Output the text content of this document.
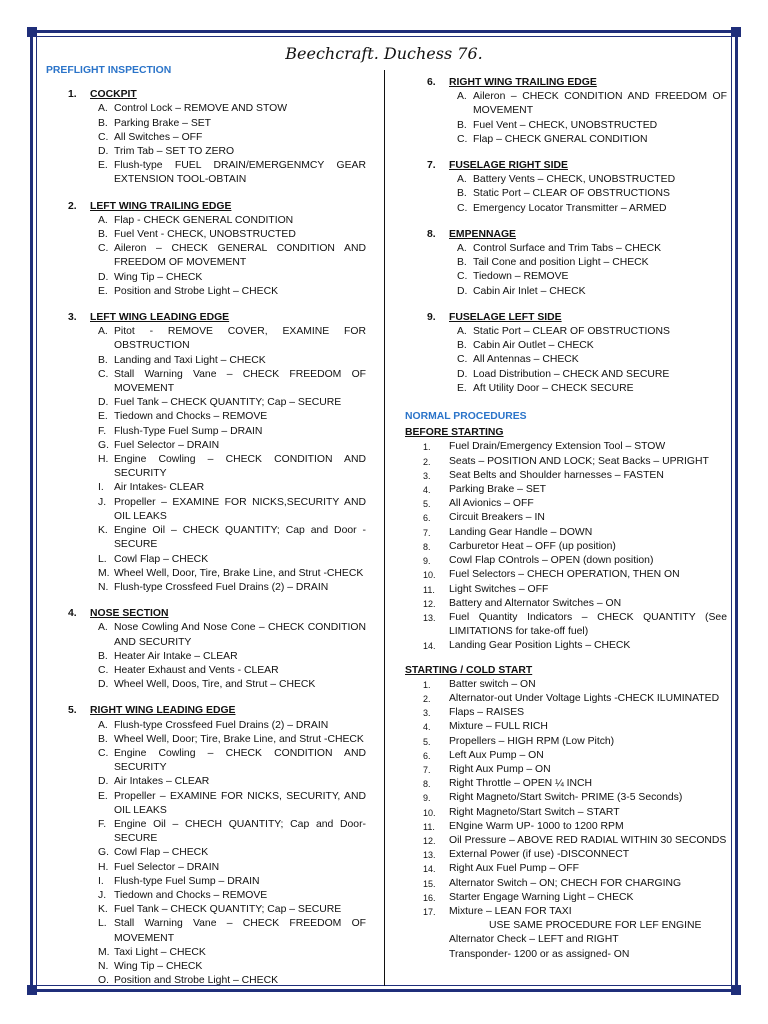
Beechcraft. Duchess 76.
PREFLIGHT INSPECTION
1.	COCKPIT
A. Control Lock – REMOVE AND STOW
B. Parking Brake – SET
C. All Switches – OFF
D. Trim Tab – SET TO ZERO
E. Flush-type FUEL DRAIN/EMERGENMCY GEAR EXTENSION TOOL-OBTAIN
2.	LEFT WING TRAILING EDGE
A. Flap - CHECK GENERAL CONDITION
B. Fuel Vent - CHECK, UNOBSTRUCTED
C. Aileron – CHECK GENERAL CONDITION AND FREEDOM OF MOVEMENT
D. Wing Tip – CHECK
E. Position and Strobe Light – CHECK
3.	LEFT WING LEADING EDGE
A. Pitot - REMOVE COVER, EXAMINE FOR OBSTRUCTION
B. Landing and Taxi Light – CHECK
C. Stall Warning Vane – CHECK FREEDOM OF MOVEMENT
D. Fuel Tank – CHECK QUANTITY; Cap – SECURE
E. Tiedown and Chocks – REMOVE
F. Flush-Type Fuel Sump – DRAIN
G. Fuel Selector – DRAIN
H. Engine Cowling – CHECK CONDITION AND SECURITY
I. Air Intakes- CLEAR
J. Propeller – EXAMINE FOR NICKS,SECURITY AND OIL LEAKS
K. Engine Oil – CHECK QUANTITY; Cap and Door - SECURE
L. Cowl Flap – CHECK
M. Wheel Well, Door, Tire, Brake Line, and Strut -CHECK
N. Flush-type Crossfeed Fuel Drains (2) – DRAIN
4.	NOSE SECTION
A. Nose Cowling And Nose Cone – CHECK CONDITION AND SECURITY
B. Heater Air Intake – CLEAR
C. Heater Exhaust and Vents - CLEAR
D. Wheel Well, Doos, Tire, and Strut – CHECK
5.	RIGHT WING LEADING EDGE
A. Flush-type Crossfeed Fuel Drains (2) – DRAIN
B. Wheel Well, Door; Tire, Brake Line, and Strut -CHECK
C. Engine Cowling – CHECK CONDITION AND SECURITY
D. Air Intakes – CLEAR
E. Propeller – EXAMINE FOR NICKS, SECURITY, AND OIL LEAKS
F. Engine Oil – CHECH QUANTITY; Cap and Door-SECURE
G. Cowl Flap – CHECK
H. Fuel Selector – DRAIN
I. Flush-type Fuel Sump – DRAIN
J. Tiedown and Chocks – REMOVE
K. Fuel Tank – CHECK QUANTITY; Cap – SECURE
L. Stall Warning Vane – CHECK FREEDOM OF MOVEMENT
M. Taxi Light – CHECK
N. Wing Tip – CHECK
O. Position and Strobe Light – CHECK
6.	RIGHT WING TRAILING EDGE
A. Aileron – CHECK CONDITION AND FREEDOM OF MOVEMENT
B. Fuel Vent – CHECK, UNOBSTRUCTED
C. Flap – CHECK GNERAL CONDITION
7.	FUSELAGE RIGHT SIDE
A. Battery Vents – CHECK, UNOBSTRUCTED
B. Static Port – CLEAR OF OBSTRUCTIONS
C. Emergency Locator Transmitter – ARMED
8.	EMPENNAGE
A. Control Surface and Trim Tabs – CHECK
B. Tail Cone and position Light – CHECK
C. Tiedown – REMOVE
D. Cabin Air Inlet – CHECK
9.	FUSELAGE LEFT SIDE
A. Static Port – CLEAR OF OBSTRUCTIONS
B. Cabin Air Outlet – CHECK
C. All Antennas – CHECK
D. Load Distribution – CHECK AND SECURE
E. Aft Utility Door – CHECK SECURE
NORMAL PROCEDURES
BEFORE STARTING
1.	Fuel Drain/Emergency Extension Tool – STOW
2.	Seats – POSITION AND LOCK; Seat Backs – UPRIGHT
3.	Seat Belts and Shoulder harnesses – FASTEN
4.	Parking Brake – SET
5.	All Avionics – OFF
6.	Circuit Breakers – IN
7.	Landing Gear Handle – DOWN
8.	Carburetor Heat – OFF (up position)
9.	Cowl Flap COntrols – OPEN (down position)
10.	Fuel Selectors – CHECH OPERATION, THEN ON
11.	Light Switches – OFF
12.	Battery and Alternator Switches – ON
13.	Fuel Quantity Indicators – CHECK QUANTITY (See LIMITATIONS for take-off fuel)
14.	Landing Gear Position Lights – CHECK
STARTING / COLD START
1.	Batter switch – ON
2.	Alternator-out Under Voltage Lights -CHECK ILUMINATED
3.	Flaps – RAISES
4.	Mixture – FULL RICH
5.	Propellers – HIGH RPM (Low Pitch)
6.	Left Aux Pump – ON
7.	Right Aux Pump – ON
8.	Right Throttle – OPEN ¼ INCH
9.	Right Magneto/Start Switch- PRIME (3-5 Seconds)
10.	Right Magneto/Start Switch – START
11.	ENgine Warm UP- 1000 to 1200 RPM
12.	Oil Pressure – ABOVE RED RADIAL WITHIN 30 SECONDS
13.	External Power (if use) -DISCONNECT
14.	Right Aux Fuel Pump – OFF
15.	Alternator Switch – ON; CHECH FOR CHARGING
16.	Starter Engage Warning Light – CHECK
17.	Mixture – LEAN FOR TAXI
USE SAME PROCEDURE FOR LEF ENGINE
Alternator Check – LEFT and RIGHT
Transponder- 1200 or as assigned- ON
